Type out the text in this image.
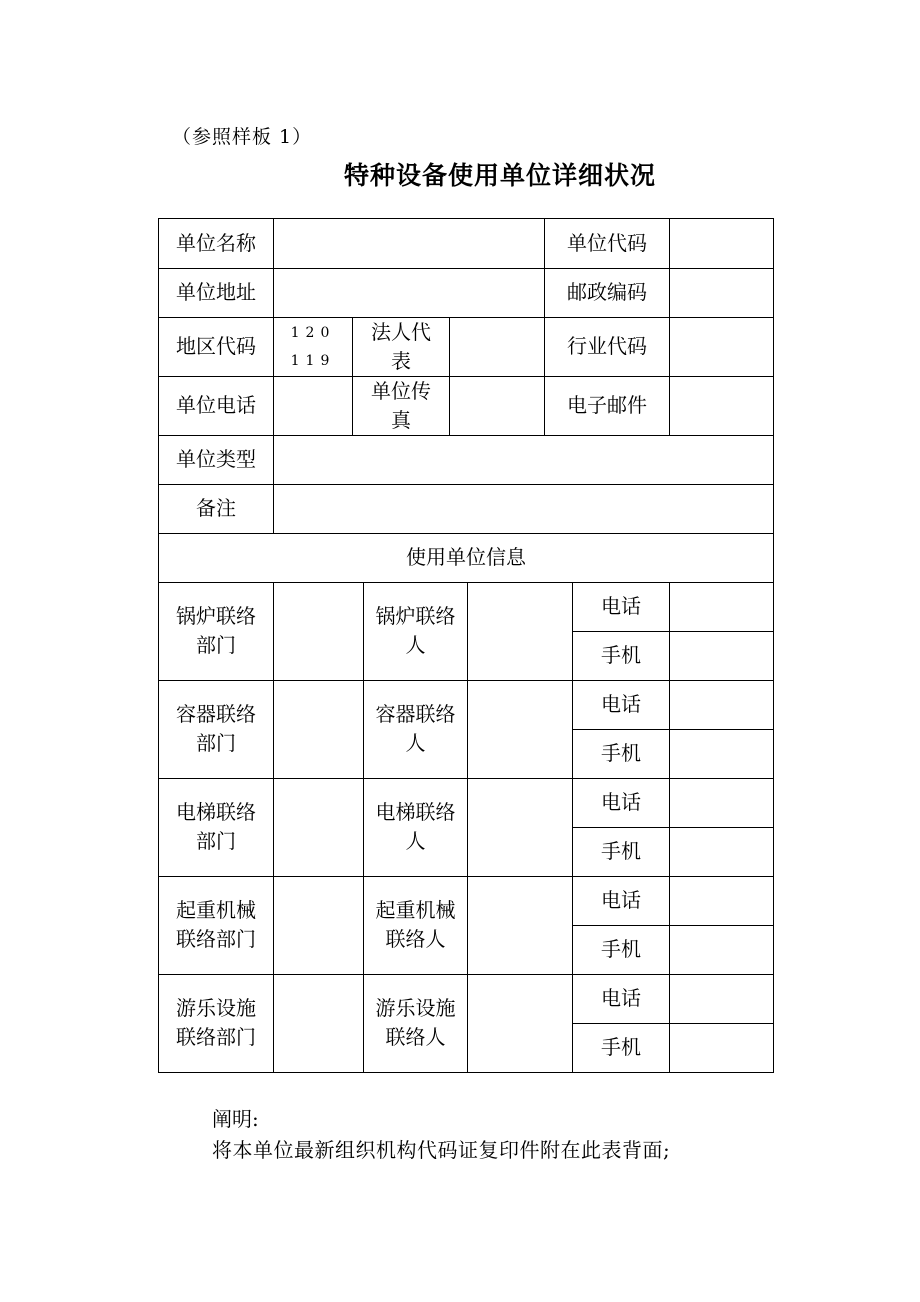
（参照样板 1）
特种设备使用单位详细状况
单位名称	单位代码
单位地址	邮政编码
地区代码
120
119
法人代
表
行业代码
单位电话
单位传
真
电子邮件
单位类型
备注
使用单位信息
锅炉联络
部门
锅炉联络
人
电话
手机
容器联络
部门
容器联络
人
电话
手机
电梯联络
部门
电梯联络
人
电话
手机
起重机械
联络部门
起重机械
联络人
电话
手机
游乐设施
联络部门
游乐设施
联络人
电话
手机
阐明:
将本单位最新组织机构代码证复印件附在此表背面;
